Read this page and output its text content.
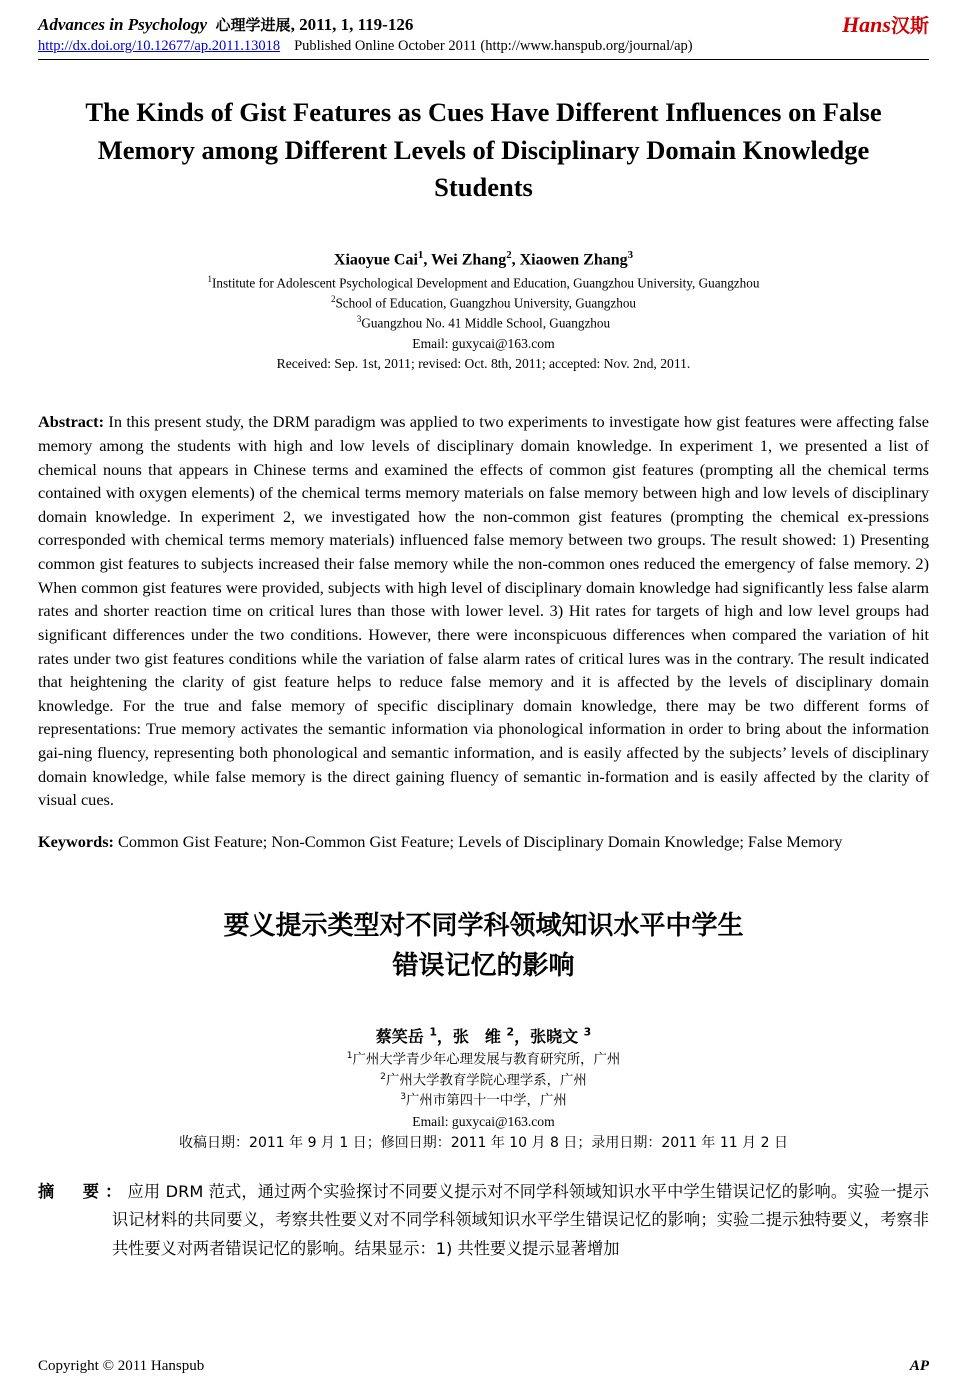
Advances in Psychology 心理学进展, 2011, 1, 119-126	Hans汉斯
http://dx.doi.org/10.12677/ap.2011.13018 Published Online October 2011 (http://www.hanspub.org/journal/ap)
The Kinds of Gist Features as Cues Have Different Influences on False Memory among Different Levels of Disciplinary Domain Knowledge Students
Xiaoyue Cai$^1$, Wei Zhang$^2$, Xiaowen Zhang$^3$
$^1$Institute for Adolescent Psychological Development and Education, Guangzhou University, Guangzhou
$^2$School of Education, Guangzhou University, Guangzhou
$^3$Guangzhou No. 41 Middle School, Guangzhou
Email: guxycai@163.com
Received: Sep. 1st, 2011; revised: Oct. 8th, 2011; accepted: Nov. 2nd, 2011.
Abstract: In this present study, the DRM paradigm was applied to two experiments to investigate how gist features were affecting false memory among the students with high and low levels of disciplinary domain knowledge. In experiment 1, we presented a list of chemical nouns that appears in Chinese terms and examined the effects of common gist features (prompting all the chemical terms contained with oxygen elements) of the chemical terms memory materials on false memory between high and low levels of disciplinary domain knowledge. In experiment 2, we investigated how the non-common gist features (prompting the chemical ex-pressions corresponded with chemical terms memory materials) influenced false memory between two groups. The result showed: 1) Presenting common gist features to subjects increased their false memory while the non-common ones reduced the emergency of false memory. 2) When common gist features were provided, subjects with high level of disciplinary domain knowledge had significantly less false alarm rates and shorter reaction time on critical lures than those with lower level. 3) Hit rates for targets of high and low level groups had significant differences under the two conditions. However, there were inconspicuous differences when compared the variation of hit rates under two gist features conditions while the variation of false alarm rates of critical lures was in the contrary. The result indicated that heightening the clarity of gist feature helps to reduce false memory and it is affected by the levels of disciplinary domain knowledge. For the true and false memory of specific disciplinary domain knowledge, there may be two different forms of representations: True memory activates the semantic information via phonological information in order to bring about the information gai-ning fluency, representing both phonological and semantic information, and is easily affected by the subjects’ levels of disciplinary domain knowledge, while false memory is the direct gaining fluency of semantic in-formation and is easily affected by the clarity of visual cues.
Keywords: Common Gist Feature; Non-Common Gist Feature; Levels of Disciplinary Domain Knowledge; False Memory
要义提示类型对不同学科领域知识水平中学生
错误记忆的影响
蔡笑岳 $^1$，张　维 $^2$，张晓文 $^3$
$^1$广州大学青少年心理发展与教育研究所，广州
$^2$广州大学教育学院心理学系，广州
$^3$广州市第四十一中学，广州
Email: guxycai@163.com
收稿日期：2011 年 9 月 1 日；修回日期：2011 年 10 月 8 日；录用日期：2011 年 11 月 2 日
摘　要：应用 DRM 范式，通过两个实验探讨不同要义提示对不同学科领域知识水平中学生错误记忆的影响。实验一提示识记材料的共同要义，考察共性要义对不同学科领域知识水平学生错误记忆的影响；实验二提示独特要义，考察非共性要义对两者错误记忆的影响。结果显示：1) 共性要义提示显著增加
Copyright © 2011 Hanspub	AP
